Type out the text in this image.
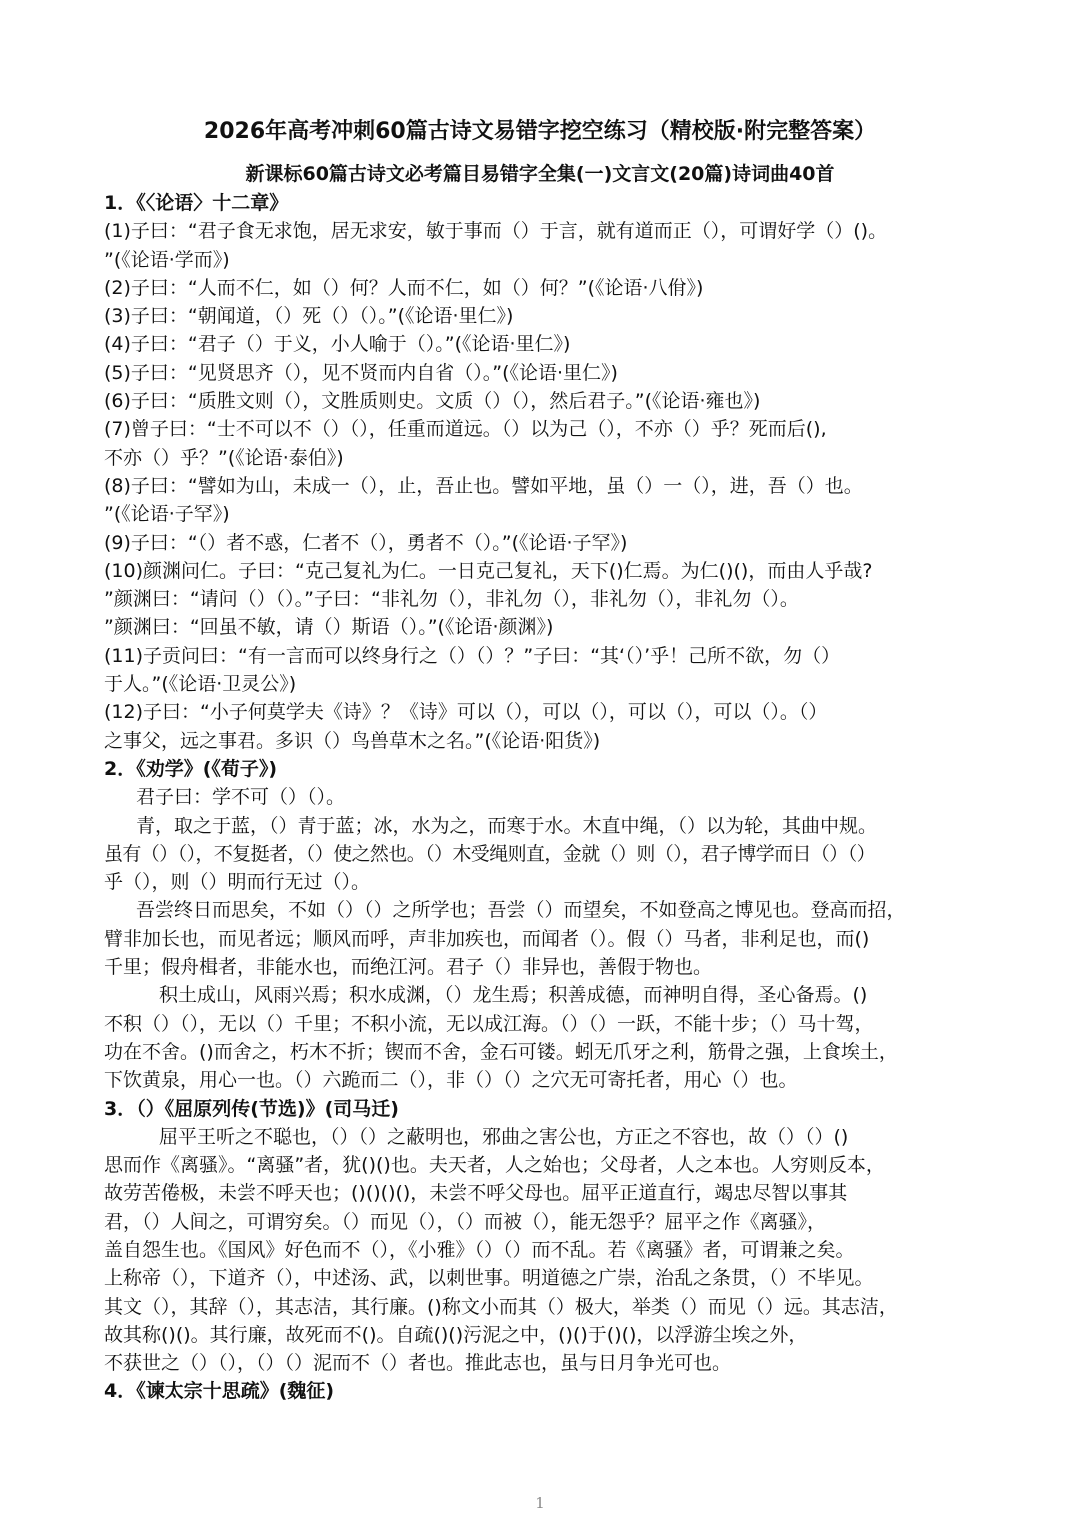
2026年高考冲刺60篇古诗文易错字挖空练习（精校版·附完整答案）
新课标60篇古诗文必考篇目易错字全集(一)文言文(20篇)诗词曲40首
1．《〈论语〉十二章》
(1)子曰：“君子食无求饱，居无求安，敏于事而（）于言，就有道而正（），可谓好学（）()。
”(《论语·学而》)
(2)子曰：“人而不仁，如（）何？人而不仁，如（）何？”(《论语·八佾》)
(3)子曰：“朝闻道，（）死（）（）。”(《论语·里仁》)
(4)子曰：“君子（）于义，小人喻于（）。”(《论语·里仁》)
(5)子曰：“见贤思齐（），见不贤而内自省（）。”(《论语·里仁》)
(6)子曰：“质胜文则（），文胜质则史。文质（）（），然后君子。”(《论语·雍也》)
(7)曾子曰：“士不可以不（）（），任重而道远。（）以为己（），不亦（）乎？死而后(),
不亦（）乎？”(《论语·泰伯》)
(8)子曰：“譬如为山，未成一（），止，吾止也。譬如平地，虽（）一（），进，吾（）也。
”(《论语·子罕》)
(9)子曰：“（）者不惑，仁者不（），勇者不（）。”(《论语·子罕》)
(10)颜渊问仁。子曰：“克己复礼为仁。一日克己复礼，天下()仁焉。为仁()()，而由人乎哉?
”颜渊曰：“请问（）（）。”子曰：“非礼勿（），非礼勿（），非礼勿（），非礼勿（）。
”颜渊曰：“回虽不敏，请（）斯语（）。”(《论语·颜渊》)
(11)子贡问曰：“有一言而可以终身行之（）（）？”子曰：“其‘（）’乎！己所不欲，勿（）
于人。”(《论语·卫灵公》)
(12)子曰：“小子何莫学夫《诗》？《诗》可以（），可以（），可以（），可以（）。（）
之事父，远之事君。多识（）鸟兽草木之名。”(《论语·阳货》)
2．《劝学》(《荀子》)
君子曰：学不可（）（）。
青，取之于蓝，（）青于蓝；冰，水为之，而寒于水。木直中绳，（）以为轮，其曲中规。
虽有（）（），不复挺者，（）使之然也。（）木受绳则直，金就（）则（），君子博学而日（）（）
乎（），则（）明而行无过（）。
吾尝终日而思矣，不如（）（）之所学也；吾尝（）而望矣，不如登高之博见也。登高而招，
臂非加长也，而见者远；顺风而呼，声非加疾也，而闻者（）。假（）马者，非利足也，而()
千里；假舟楫者，非能水也，而绝江河。君子（）非异也，善假于物也。
积土成山，风雨兴焉；积水成渊，（）龙生焉；积善成德，而神明自得，圣心备焉。()
不积（）（），无以（）千里；不积小流，无以成江海。（）（）一跃，不能十步；（）马十驾，
功在不舍。()而舍之，朽木不折；锲而不舍，金石可镂。蚓无爪牙之利，筋骨之强，上食埃土，
下饮黄泉，用心一也。（）六跪而二（），非（）（）之穴无可寄托者，用心（）也。
3．（）《屈原列传(节选)》(司马迁)
屈平王听之不聪也，（）（）之蔽明也，邪曲之害公也，方正之不容也，故（）（）()
思而作《离骚》。“离骚”者，犹()()也。夫天者，人之始也；父母者，人之本也。人穷则反本，
故劳苦倦极，未尝不呼天也；()()()()，未尝不呼父母也。屈平正道直行，竭忠尽智以事其
君，（）人间之，可谓穷矣。（）而见（），（）而被（），能无怨乎？屈平之作《离骚》，
盖自怨生也。《国风》好色而不（），《小雅》（）（）而不乱。若《离骚》者，可谓兼之矣。
上称帝（），下道齐（），中述汤、武，以刺世事。明道德之广崇，治乱之条贯，（）不毕见。
其文（），其辞（），其志洁，其行廉。()称文小而其（）极大，举类（）而见（）远。其志洁，
故其称()()。其行廉，故死而不()。自疏()()污泥之中，()()于()()，以浮游尘埃之外，
不获世之（）（），（）（）泥而不（）者也。推此志也，虽与日月争光可也。
4．《谏太宗十思疏》(魏征)
1
